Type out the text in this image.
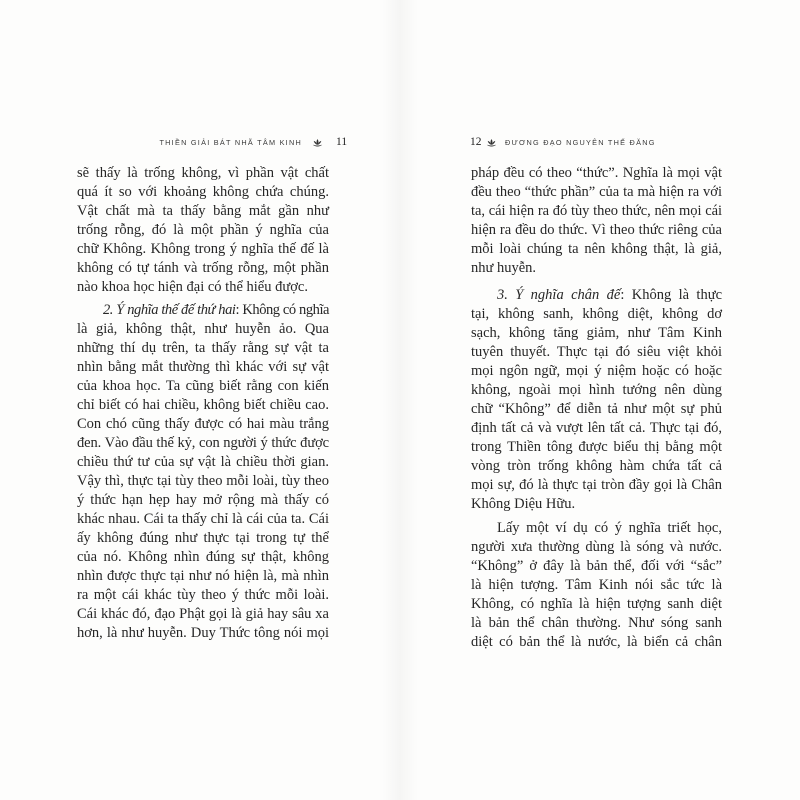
THIỀN GIẢI BÁT NHÃ TÂM KINH	11
sẽ thấy là trống không, vì phần vật chất
quá ít so với khoảng không chứa chúng.
Vật chất mà ta thấy bằng mắt gần như
trống rỗng, đó là một phần ý nghĩa của
chữ Không. Không trong ý nghĩa thế đế là
không có tự tánh và trống rỗng, một phần
nào khoa học hiện đại có thể hiểu được.
2. Ý nghĩa thế đế thứ hai: Không có nghĩa
là giả, không thật, như huyễn ảo. Qua
những thí dụ trên, ta thấy rằng sự vật ta
nhìn bằng mắt thường thì khác với sự vật
của khoa học. Ta cũng biết rằng con kiến
chỉ biết có hai chiều, không biết chiều cao.
Con chó cũng thấy được có hai màu trắng
đen. Vào đầu thế kỷ, con người ý thức được
chiều thứ tư của sự vật là chiều thời gian.
Vậy thì, thực tại tùy theo mỗi loài, tùy theo
ý thức hạn hẹp hay mở rộng mà thấy có
khác nhau. Cái ta thấy chỉ là cái của ta. Cái
ấy không đúng như thực tại trong tự thể
của nó. Không nhìn đúng sự thật, không
nhìn được thực tại như nó hiện là, mà nhìn
ra một cái khác tùy theo ý thức mỗi loài.
Cái khác đó, đạo Phật gọi là giả hay sâu xa
hơn, là như huyễn. Duy Thức tông nói mọi
12	ĐƯƠNG ĐẠO NGUYÊN THẾ ĐĂNG
pháp đều có theo “thức”. Nghĩa là mọi vật
đều theo “thức phần” của ta mà hiện ra với
ta, cái hiện ra đó tùy theo thức, nên mọi cái
hiện ra đều do thức. Vì theo thức riêng của
mỗi loài chúng ta nên không thật, là giả,
như huyễn.
3. Ý nghĩa chân đế: Không là thực
tại, không sanh, không diệt, không dơ
sạch, không tăng giảm, như Tâm Kinh
tuyên thuyết. Thực tại đó siêu việt khỏi
mọi ngôn ngữ, mọi ý niệm hoặc có hoặc
không, ngoài mọi hình tướng nên dùng
chữ “Không” để diễn tả như một sự phủ
định tất cả và vượt lên tất cả. Thực tại đó,
trong Thiền tông được biểu thị bằng một
vòng tròn trống không hàm chứa tất cả
mọi sự, đó là thực tại tròn đầy gọi là Chân
Không Diệu Hữu.
Lấy một ví dụ có ý nghĩa triết học,
người xưa thường dùng là sóng và nước.
“Không” ở đây là bản thể, đối với “sắc”
là hiện tượng. Tâm Kinh nói sắc tức là
Không, có nghĩa là hiện tượng sanh diệt
là bản thể chân thường. Như sóng sanh
diệt có bản thể là nước, là biển cả chân
